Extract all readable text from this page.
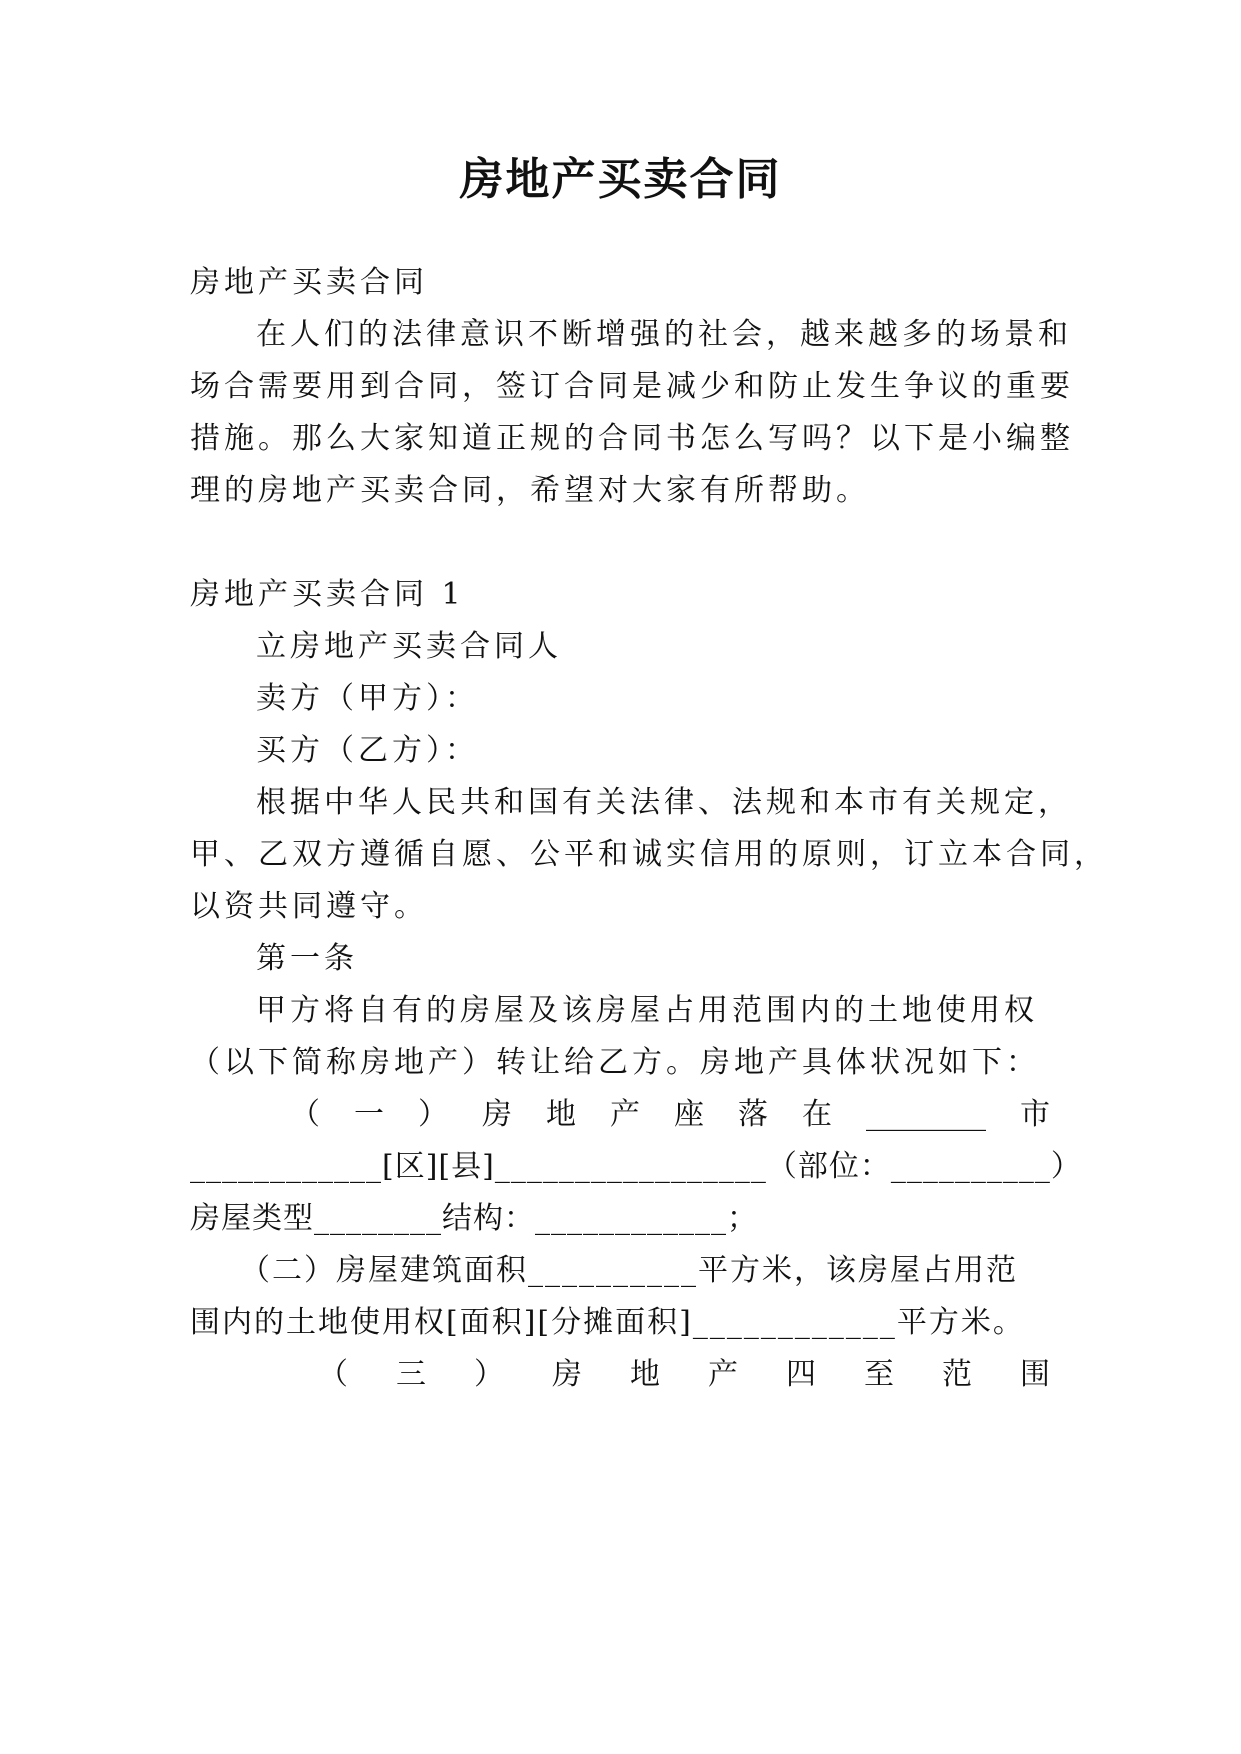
房地产买卖合同

房地产买卖合同

在人们的法律意识不断增强的社会，越来越多的场景和

场合需要用到合同，签订合同是减少和防止发生争议的重要

措施。那么大家知道正规的合同书怎么写吗？以下是小编整

理的房地产买卖合同，希望对大家有所帮助。

房地产买卖合同 1

立房地产买卖合同人

卖方（甲方）：

买方（乙方）：

根据中华人民共和国有关法律、法规和本市有关规定，

甲、乙双方遵循自愿、公平和诚实信用的原则，订立本合同，

以资共同遵守。

第一条

甲方将自有的房屋及该房屋占用范围内的土地使用权

（以下简称房地产）转让给乙方。房地产具体状况如下：

（ 一 ） 房 地 产 座 落 在 ________ 市

____________[区][县]_________________（部位：__________）

房屋类型________结构：____________；

（二）房屋建筑面积__________平方米，该房屋占用范

围内的土地使用权[面积][分摊面积]____________平方米。

（ 三 ） 房 地 产 四 至 范 围
